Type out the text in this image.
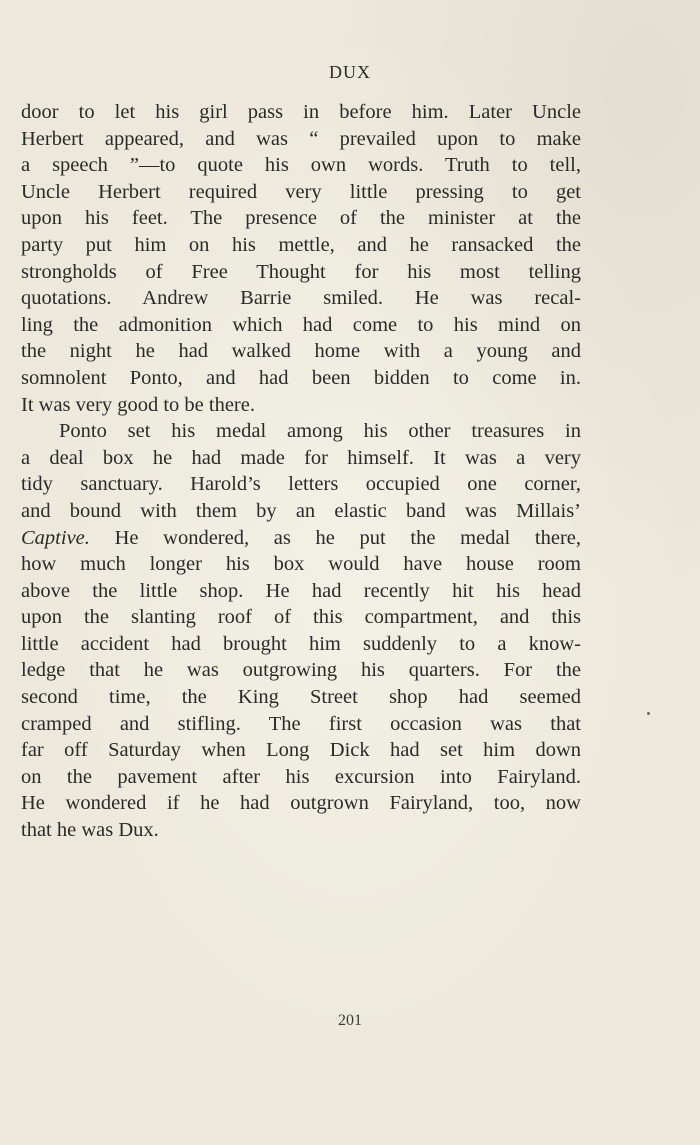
DUX
door to let his girl pass in before him. Later Uncle
Herbert appeared, and was “ prevailed upon to make
a speech ”—to quote his own words. Truth to tell,
Uncle Herbert required very little pressing to get
upon his feet. The presence of the minister at the
party put him on his mettle, and he ransacked the
strongholds of Free Thought for his most telling
quotations. Andrew Barrie smiled. He was recal-
ling the admonition which had come to his mind on
the night he had walked home with a young and
somnolent Ponto, and had been bidden to come in.
It was very good to be there.
Ponto set his medal among his other treasures in
a deal box he had made for himself. It was a very
tidy sanctuary. Harold’s letters occupied one corner,
and bound with them by an elastic band was Millais’
Captive. He wondered, as he put the medal there,
how much longer his box would have house room
above the little shop. He had recently hit his head
upon the slanting roof of this compartment, and this
little accident had brought him suddenly to a know-
ledge that he was outgrowing his quarters. For the
second time, the King Street shop had seemed
cramped and stifling. The first occasion was that
far off Saturday when Long Dick had set him down
on the pavement after his excursion into Fairyland.
He wondered if he had outgrown Fairyland, too, now
that he was Dux.
201
